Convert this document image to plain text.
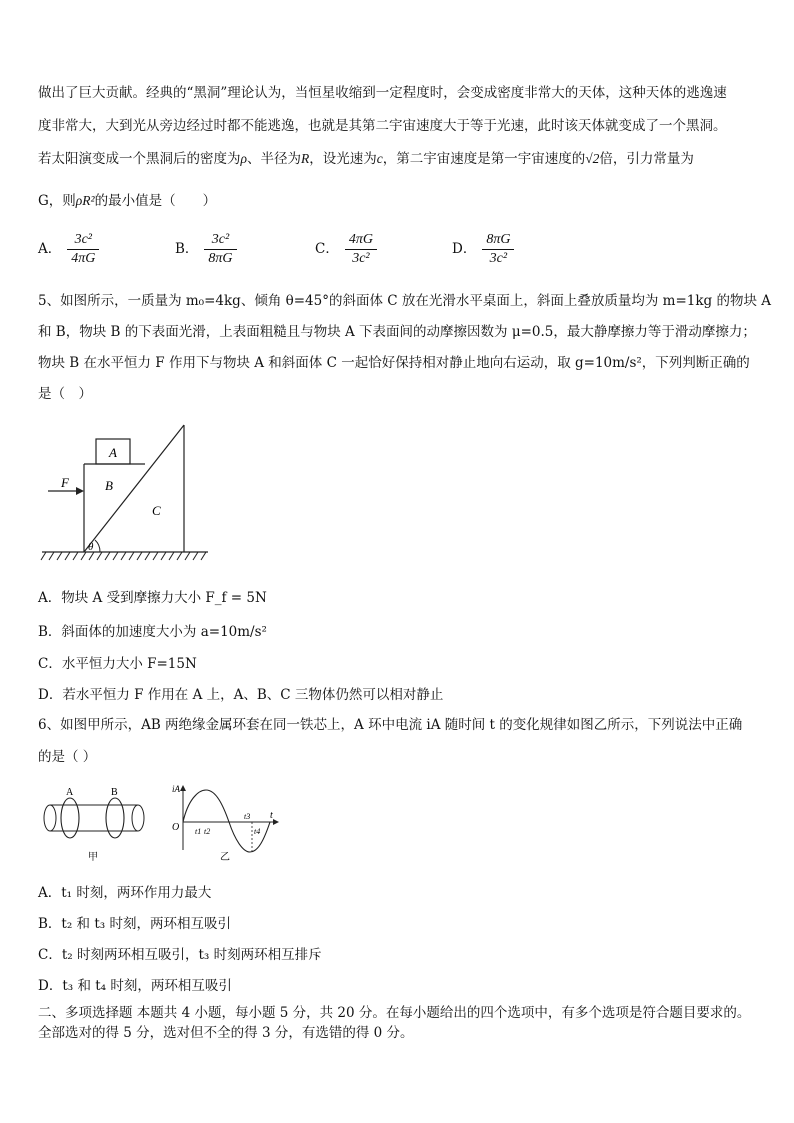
做出了巨大贡献。经典的“黑洞”理论认为，当恒星收缩到一定程度时，会变成密度非常大的天体，这种天体的逃逸速
度非常大，大到光从旁边经过时都不能逃逸，也就是其第二宇宙速度大于等于光速，此时该天体就变成了一个黑洞。
若太阳演变成一个黑洞后的密度为ρ、半径为R，设光速为c，第二宇宙速度是第一宇宙速度的√2倍，引力常量为
G，则ρR²的最小值是（　　）
A． $\frac{\text{3c²}}{4\pi G}$	B． $\frac{\text{3c²}}{8\pi G}$	C． $\frac{4\pi G}{\text{3c²}}$	D． $\frac{8\pi G}{\text{3c²}}$
5、如图所示，一质量为 m₀=4kg、倾角 θ=45°的斜面体 C 放在光滑水平桌面上，斜面上叠放质量均为 m=1kg 的物块 A
和 B，物块 B 的下表面光滑，上表面粗糙且与物块 A 下表面间的动摩擦因数为 μ=0.5，最大静摩擦力等于滑动摩擦力；
物块 B 在水平恒力 F 作用下与物块 A 和斜面体 C 一起恰好保持相对静止地向右运动，取 g=10m/s²，下列判断正确的
是（　）
A
B
C
F
θ
A．物块 A 受到摩擦力大小 F_f = 5N
B．斜面体的加速度大小为 a=10m/s²
C．水平恒力大小 F=15N
D．若水平恒力 F 作用在 A 上，A、B、C 三物体仍然可以相对静止
6、如图甲所示，AB 两绝缘金属环套在同一铁芯上，A 环中电流 iA 随时间 t 的变化规律如图乙所示，下列说法中正确
的是（ ）
A	B
甲
iA
O
t
t1 t2
t3
t4
乙
A．t₁ 时刻，两环作用力最大
B．t₂ 和 t₃ 时刻，两环相互吸引
C．t₂ 时刻两环相互吸引，t₃ 时刻两环相互排斥
D．t₃ 和 t₄ 时刻，两环相互吸引
二、多项选择题 本题共 4 小题，每小题 5 分，共 20 分。在每小题给出的四个选项中，有多个选项是符合题目要求的。
全部选对的得 5 分，选对但不全的得 3 分，有选错的得 0 分。
